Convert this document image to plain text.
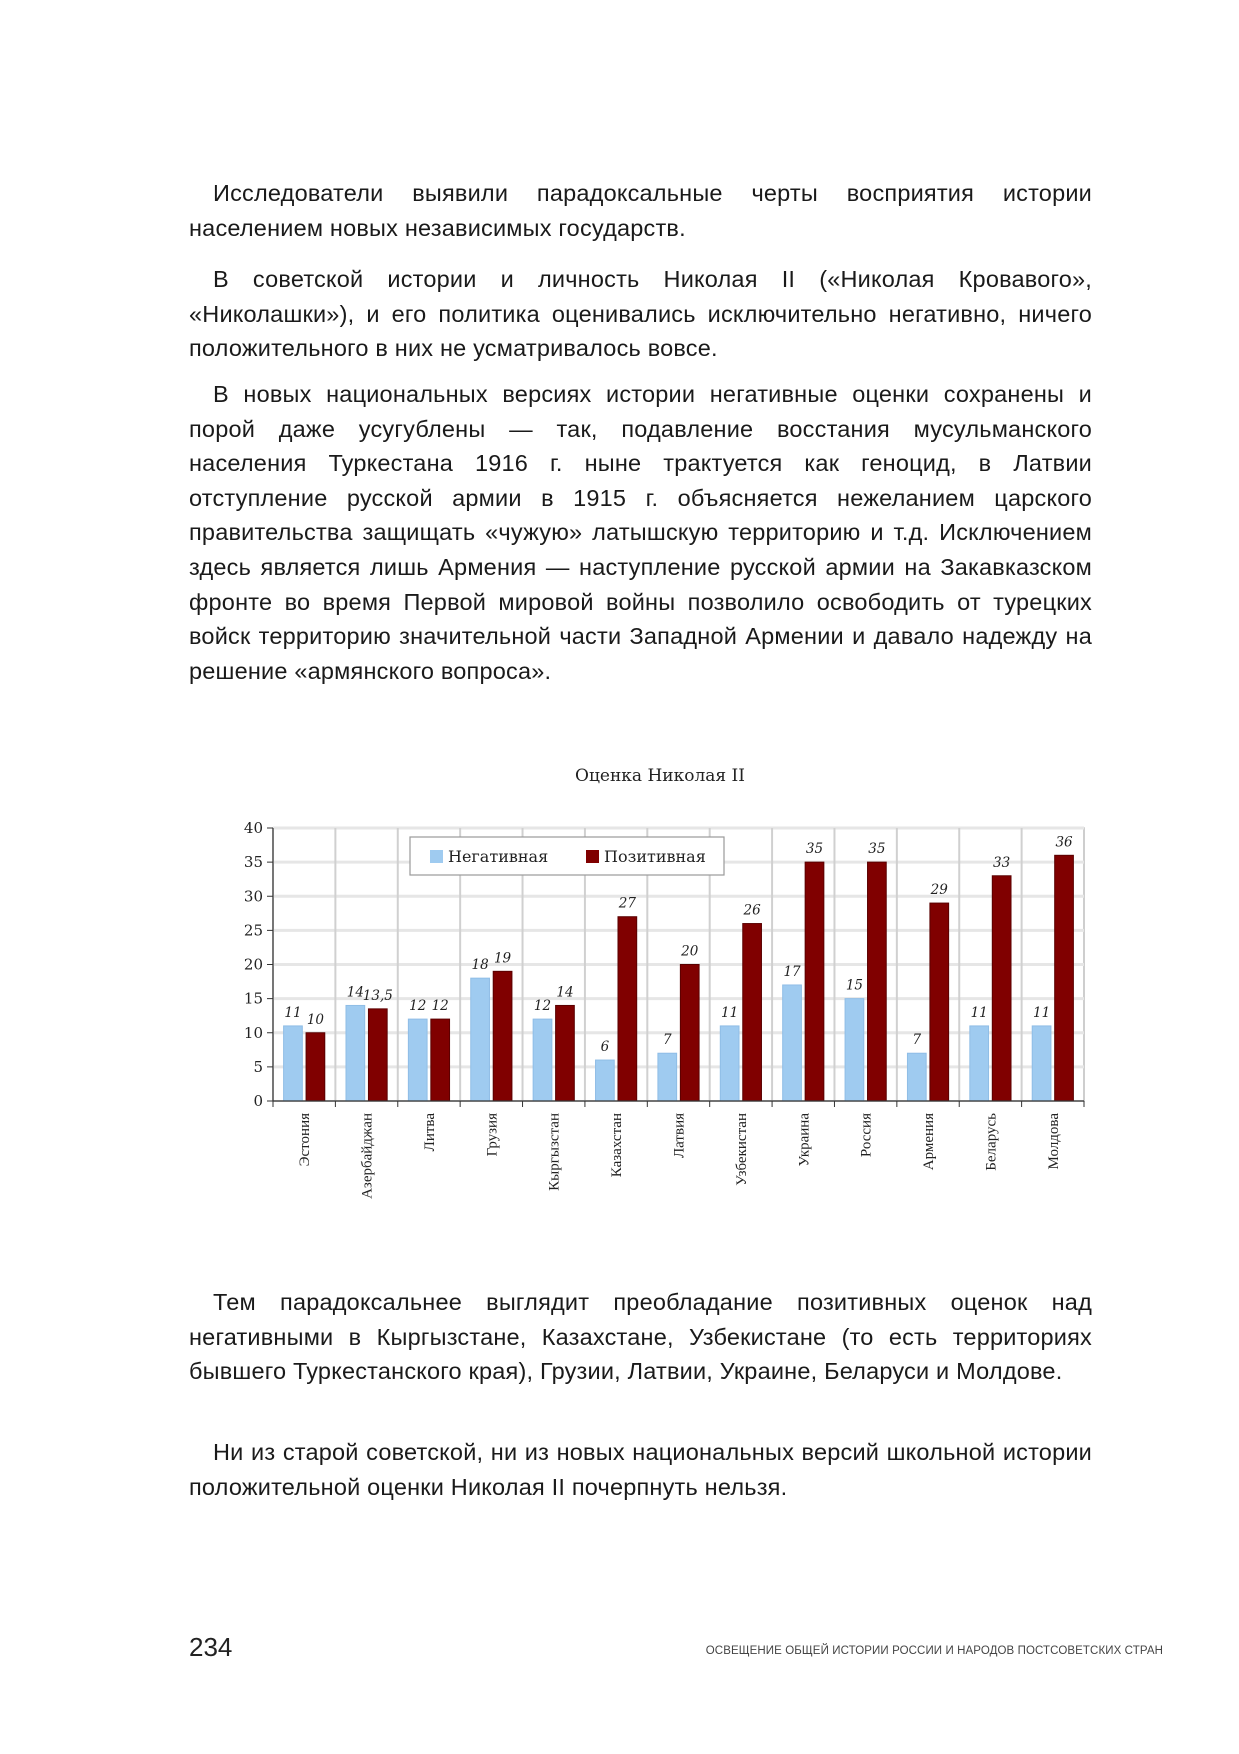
Исследователи выявили парадоксальные черты восприятия истории населением новых независимых государств.

В советской истории и личность Николая II («Николая Кровавого», «Николашки»), и его политика оценивались исключительно негативно, ничего положительного в них не усматривалось вовсе.

В новых национальных версиях истории негативные оценки сохранены и порой даже усугублены — так, подавление восстания мусульманского населения Туркестана 1916 г. ныне трактуется как геноцид, в Латвии отступление русской армии в 1915 г. объясняется нежеланием царского правительства защищать «чужую» латышскую территорию и т.д. Исключением здесь является лишь Армения — наступление русской армии на Закавказском фронте во время Первой мировой войны позволило освободить от турецких войск территорию значительной части Западной Армении и давало надежду на решение «армянского вопроса».

Оценка Николая II
11
14
12
18
12
6	7
11
17
15
7
11	11
10
13,5
12
19
14
27
20
26
35	35
29
33
36
0
5
10
15
20
25
30
35
40
Эстония	Азербайджан	Литва	Грузия	Кыргызстан	Казахстан	Латвия	Узбекистан	Украина	Россия	Армения	Беларусь	Молдова
Негативная	Позитивная

Тем парадоксальнее выглядит преобладание позитивных оценок над негативными в Кыргызстане, Казахстане, Узбекистане (то есть территориях бывшего Туркестанского края), Грузии, Латвии, Украине, Беларуси и Молдове.

Ни из старой советской, ни из новых национальных версий школьной истории положительной оценки Николая II почерпнуть нельзя.

234	ОСВЕЩЕНИЕ ОБЩЕЙ ИСТОРИИ РОССИИ И НАРОДОВ ПОСТСОВЕТСКИХ СТРАН
